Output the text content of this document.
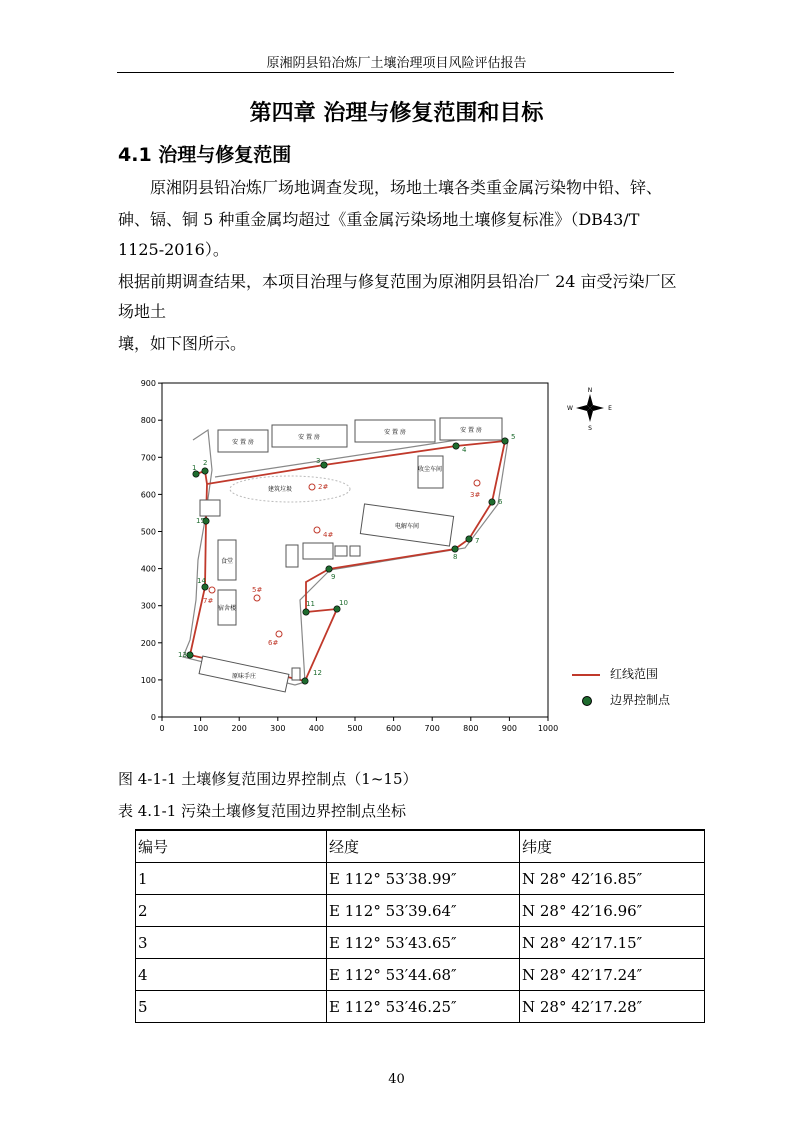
原湘阴县铅冶炼厂土壤治理项目风险评估报告
第四章 治理与修复范围和目标
4.1 治理与修复范围
原湘阴县铅冶炼厂场地调查发现，场地土壤各类重金属污染物中铅、锌、
砷、镉、铜 5 种重金属均超过《重金属污染场地土壤修复标准》（DB43/T
1125-2016）。
根据前期调查结果，本项目治理与修复范围为原湘阴县铅冶厂 24 亩受污染厂区
场地土
壤，如下图所示。
0	100	200	300	400	500	600	700	800	900	1000
0
100
200
300
400
500
600
700
800
900
安 置 房
安 置 房
安 置 房	安 置 房
建筑垃圾
收尘车间
电解车间
食堂
宿舍楼
原味手庄
2#
3#
4#
5#
6#
7#
1
2	3
4
5
6
7
8
9
10
11
12
13
14
15
N
S
W	E
红线范围
边界控制点
图 4-1-1 土壤修复范围边界控制点（1~15）
表 4.1-1 污染土壤修复范围边界控制点坐标
编号	经度	纬度
1	E 112° 53′38.99″	N 28° 42′16.85″
2	E 112° 53′39.64″	N 28° 42′16.96″
3	E 112° 53′43.65″	N 28° 42′17.15″
4	E 112° 53′44.68″	N 28° 42′17.24″
5	E 112° 53′46.25″	N 28° 42′17.28″
40
